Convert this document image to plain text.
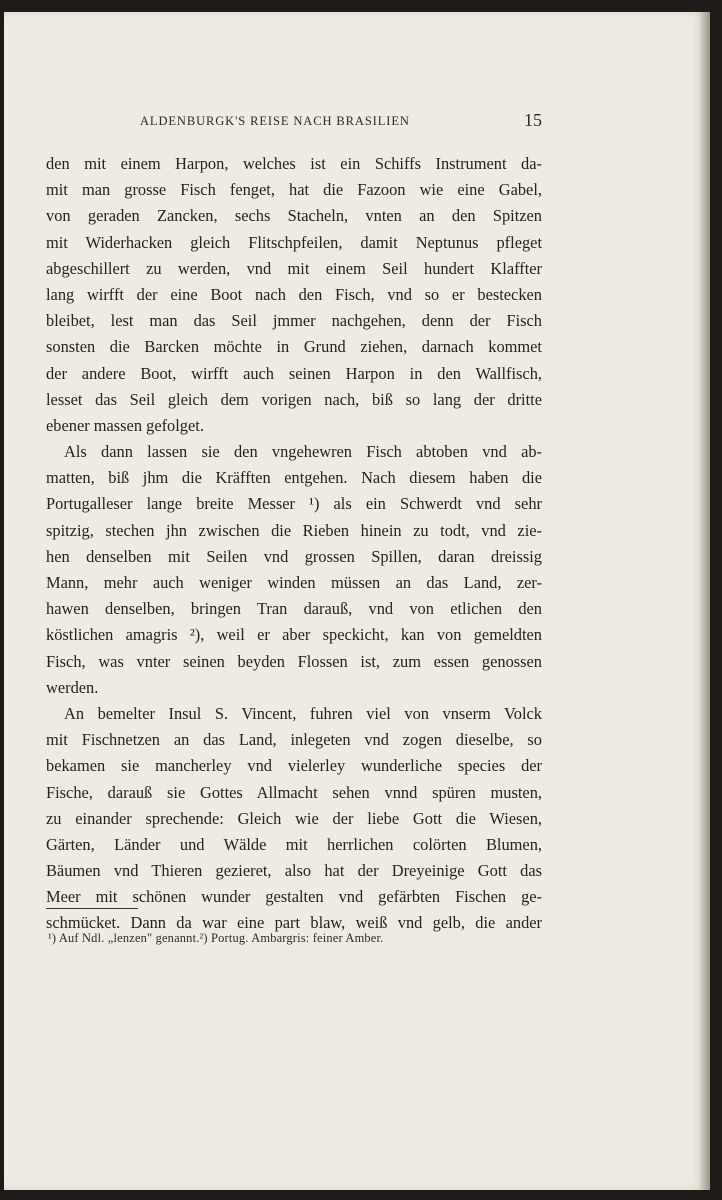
ALDENBURGK'S REISE NACH BRASILIEN	15
den mit einem Harpon, welches ist ein Schiffs Instrument da-
mit man grosse Fisch fenget, hat die Fazoon wie eine Gabel,
von geraden Zancken, sechs Stacheln, vnten an den Spitzen
mit Widerhacken gleich Flitschpfeilen, damit Neptunus pfleget
abgeschillert zu werden, vnd mit einem Seil hundert Klaffter
lang wirfft der eine Boot nach den Fisch, vnd so er bestecken
bleibet, lest man das Seil jmmer nachgehen, denn der Fisch
sonsten die Barcken möchte in Grund ziehen, darnach kommet
der andere Boot, wirfft auch seinen Harpon in den Wallfisch,
lesset das Seil gleich dem vorigen nach, biß so lang der dritte
ebener massen gefolget.
Als dann lassen sie den vngehewren Fisch abtoben vnd ab-
matten, biß jhm die Kräfften entgehen. Nach diesem haben die
Portugalleser lange breite Messer ¹) als ein Schwerdt vnd sehr
spitzig, stechen jhn zwischen die Rieben hinein zu todt, vnd zie-
hen denselben mit Seilen vnd grossen Spillen, daran dreissig
Mann, mehr auch weniger winden müssen an das Land, zer-
hawen denselben, bringen Tran darauß, vnd von etlichen den
köstlichen amagris ²), weil er aber speckicht, kan von gemeldten
Fisch, was vnter seinen beyden Flossen ist, zum essen genossen
werden.
An bemelter Insul S. Vincent, fuhren viel von vnserm Volck
mit Fischnetzen an das Land, inlegeten vnd zogen dieselbe, so
bekamen sie mancherley vnd vielerley wunderliche species der
Fische, darauß sie Gottes Allmacht sehen vnnd spüren musten,
zu einander sprechende: Gleich wie der liebe Gott die Wiesen,
Gärten, Länder und Wälde mit herrlichen colörten Blumen,
Bäumen vnd Thieren gezieret, also hat der Dreyeinige Gott das
Meer mit schönen wunder gestalten vnd gefärbten Fischen ge-
schmücket. Dann da war eine part blaw, weiß vnd gelb, die ander
¹) Auf Ndl. „lenzen" genannt.²) Portug. Ambargris: feiner Amber.
